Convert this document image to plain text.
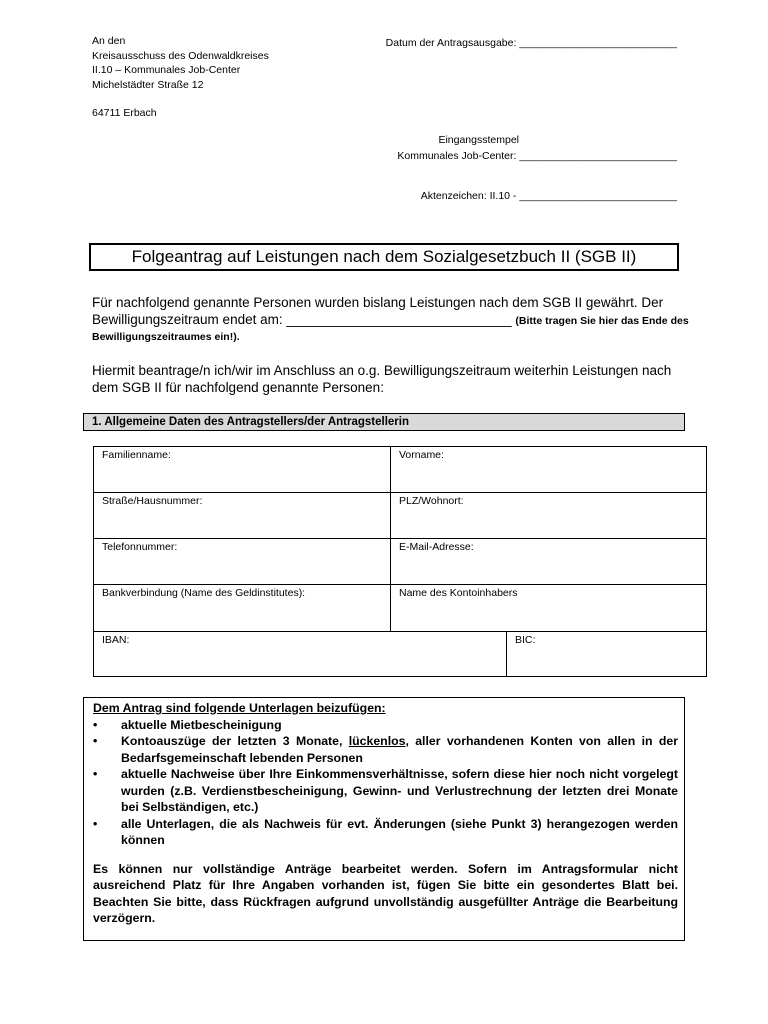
An den
Kreisausschuss des Odenwaldkreises
II.10 – Kommunales Job-Center
Michelstädter Straße 12
64711 Erbach
Datum der Antragsausgabe: ___________________________
Eingangsstempel
Kommunales Job-Center: ___________________________
Aktenzeichen: II.10 - ___________________________
Folgeantrag auf Leistungen nach dem Sozialgesetzbuch II (SGB II)
Für nachfolgend genannte Personen wurden bislang Leistungen nach dem SGB II gewährt. Der
Bewilligungszeitraum endet am: ______________________________ (Bitte tragen Sie hier das Ende des
Bewilligungszeitraumes ein!).
Hiermit beantrage/n ich/wir im Anschluss an o.g. Bewilligungszeitraum weiterhin Leistungen nach dem SGB II für nachfolgend genannte Personen:
1. Allgemeine Daten des Antragstellers/der Antragstellerin
Familienname:	Vorname:
Straße/Hausnummer:	PLZ/Wohnort:
Telefonnummer:	E-Mail-Adresse:
Bankverbindung (Name des Geldinstitutes):	Name des Kontoinhabers
IBAN:	BIC:
Dem Antrag sind folgende Unterlagen beizufügen:
• aktuelle Mietbescheinigung
• Kontoauszüge der letzten 3 Monate, lückenlos, aller vorhandenen Konten von allen in der Bedarfsgemeinschaft lebenden Personen
• aktuelle Nachweise über Ihre Einkommensverhältnisse, sofern diese hier noch nicht vorgelegt wurden (z.B. Verdienstbescheinigung, Gewinn- und Verlustrechnung der letzten drei Monate bei Selbständigen, etc.)
• alle Unterlagen, die als Nachweis für evt. Änderungen (siehe Punkt 3) herangezogen werden können
Es können nur vollständige Anträge bearbeitet werden. Sofern im Antragsformular nicht ausreichend Platz für Ihre Angaben vorhanden ist, fügen Sie bitte ein gesondertes Blatt bei. Beachten Sie bitte, dass Rückfragen aufgrund unvollständig ausgefüllter Anträge die Bearbeitung verzögern.
